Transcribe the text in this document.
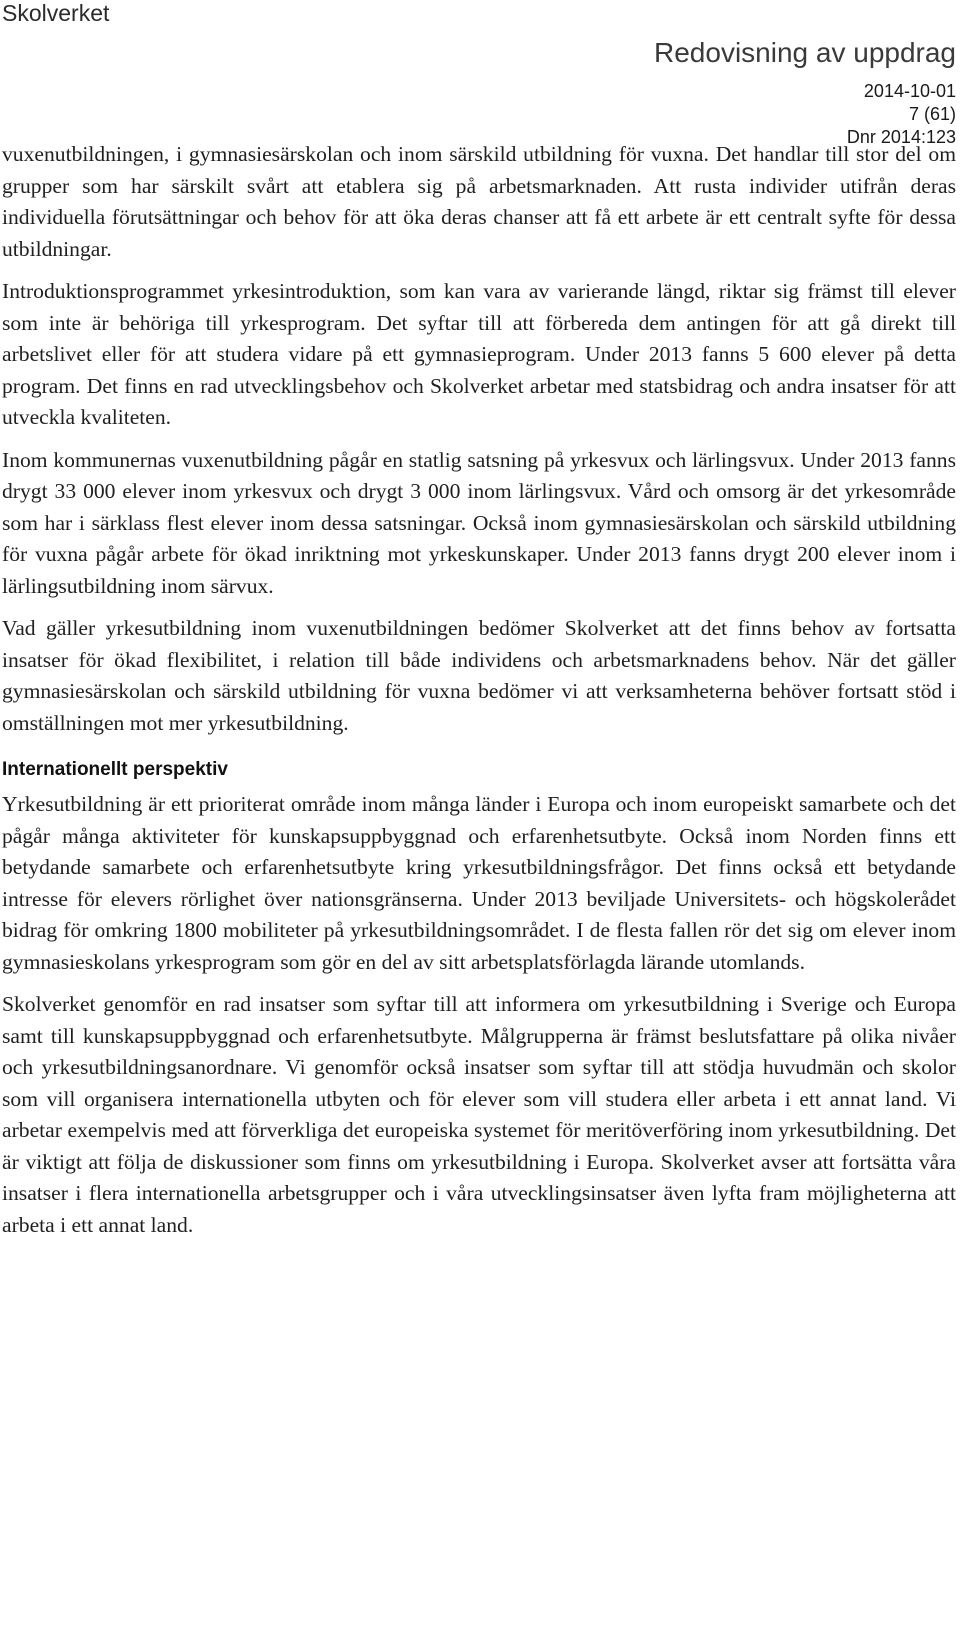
Skolverket
Redovisning av uppdrag
2014-10-01
7 (61)
Dnr 2014:123

vuxenutbildningen, i gymnasiesärskolan och inom särskild utbildning för vuxna. Det handlar till stor del om grupper som har särskilt svårt att etablera sig på arbetsmarknaden. Att rusta individer utifrån deras individuella förutsättningar och behov för att öka deras chanser att få ett arbete är ett centralt syfte för dessa utbildningar.

Introduktionsprogrammet yrkesintroduktion, som kan vara av varierande längd, riktar sig främst till elever som inte är behöriga till yrkesprogram. Det syftar till att förbereda dem antingen för att gå direkt till arbetslivet eller för att studera vidare på ett gymnasieprogram. Under 2013 fanns 5 600 elever på detta program. Det finns en rad utvecklingsbehov och Skolverket arbetar med statsbidrag och andra insatser för att utveckla kvaliteten.

Inom kommunernas vuxenutbildning pågår en statlig satsning på yrkesvux och lärlingsvux. Under 2013 fanns drygt 33 000 elever inom yrkesvux och drygt 3 000 inom lärlingsvux. Vård och omsorg är det yrkesområde som har i särklass flest elever inom dessa satsningar. Också inom gymnasiesärskolan och särskild utbildning för vuxna pågår arbete för ökad inriktning mot yrkeskunskaper. Under 2013 fanns drygt 200 elever inom i lärlingsutbildning inom särvux.

Vad gäller yrkesutbildning inom vuxenutbildningen bedömer Skolverket att det finns behov av fortsatta insatser för ökad flexibilitet, i relation till både individens och arbetsmarknadens behov. När det gäller gymnasiesärskolan och särskild utbildning för vuxna bedömer vi att verksamheterna behöver fortsatt stöd i omställningen mot mer yrkesutbildning.

Internationellt perspektiv

Yrkesutbildning är ett prioriterat område inom många länder i Europa och inom europeiskt samarbete och det pågår många aktiviteter för kunskapsuppbyggnad och erfarenhetsutbyte. Också inom Norden finns ett betydande samarbete och erfarenhetsutbyte kring yrkesutbildningsfrågor. Det finns också ett betydande intresse för elevers rörlighet över nationsgränserna. Under 2013 beviljade Universitets- och högskolerådet bidrag för omkring 1800 mobiliteter på yrkesutbildningsområdet. I de flesta fallen rör det sig om elever inom gymnasieskolans yrkesprogram som gör en del av sitt arbetsplatsförlagda lärande utomlands.

Skolverket genomför en rad insatser som syftar till att informera om yrkesutbildning i Sverige och Europa samt till kunskapsuppbyggnad och erfarenhetsutbyte. Målgrupperna är främst beslutsfattare på olika nivåer och yrkesutbildningsanordnare. Vi genomför också insatser som syftar till att stödja huvudmän och skolor som vill organisera internationella utbyten och för elever som vill studera eller arbeta i ett annat land. Vi arbetar exempelvis med att förverkliga det europeiska systemet för meritöverföring inom yrkesutbildning. Det är viktigt att följa de diskussioner som finns om yrkesutbildning i Europa. Skolverket avser att fortsätta våra insatser i flera internationella arbetsgrupper och i våra utvecklingsinsatser även lyfta fram möjligheterna att arbeta i ett annat land.
